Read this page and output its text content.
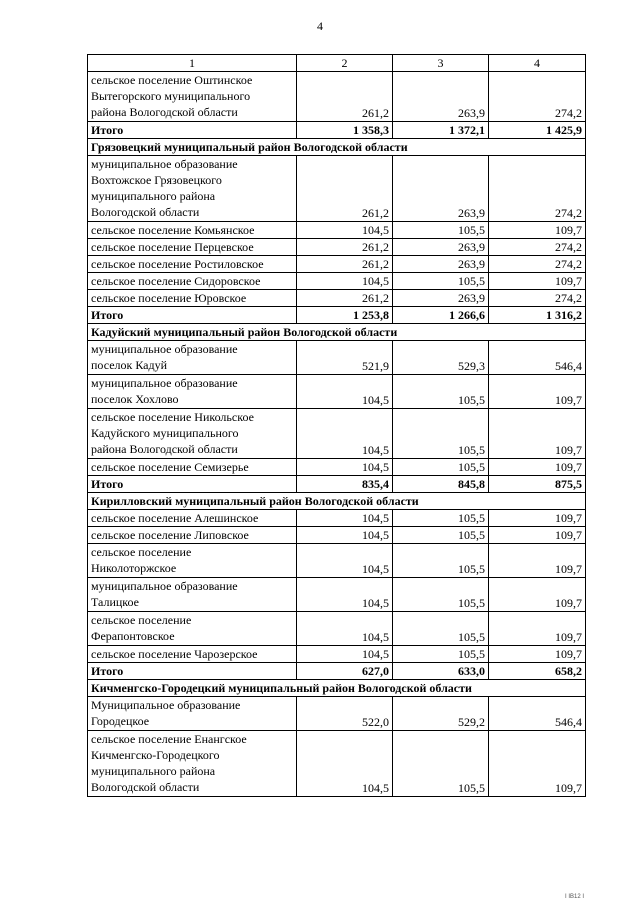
4
1	2	3	4

сельское поселение Оштинское
Вытегорского муниципального
района Вологодской области	261,2	263,9	274,2
Итого	1 358,3	1 372,1	1 425,9
Грязовецкий муниципальный район Вологодской области			

муниципальное образование
Вохтожское Грязовецкого
муниципального района
Вологодской области	261,2	263,9	274,2

сельское поселение Комьянское	104,5	105,5	109,7

сельское поселение Перцевское	261,2	263,9	274,2

сельское поселение Ростиловское	261,2	263,9	274,2

сельское поселение Сидоровское	104,5	105,5	109,7

сельское поселение Юровское	261,2	263,9	274,2
Итого	1 253,8	1 266,6	1 316,2
Кадуйский муниципальный район Вологодской области			

муниципальное образование
поселок Кадуй	521,9	529,3	546,4

муниципальное образование
поселок Хохлово	104,5	105,5	109,7

сельское поселение Никольское
Кадуйского муниципального
района Вологодской области	104,5	105,5	109,7

сельское поселение Семизерье	104,5	105,5	109,7
Итого	835,4	845,8	875,5
Кирилловский муниципальный район Вологодской области			

сельское поселение Алешинское	104,5	105,5	109,7

сельское поселение Липовское	104,5	105,5	109,7

сельское поселение
Николоторжское	104,5	105,5	109,7

муниципальное образование
Талицкое	104,5	105,5	109,7

сельское поселение
Ферапонтовское	104,5	105,5	109,7

сельское поселение Чарозерское	104,5	105,5	109,7
Итого	627,0	633,0	658,2
Кичменгско-Городецкий муниципальный район Вологодской области			

Муниципальное образование
Городецкое	522,0	529,2	546,4

сельское поселение Енангское
Кичменгско-Городецкого
муниципального района
Вологодской области	104,5	105,5	109,7
I IB12 I
